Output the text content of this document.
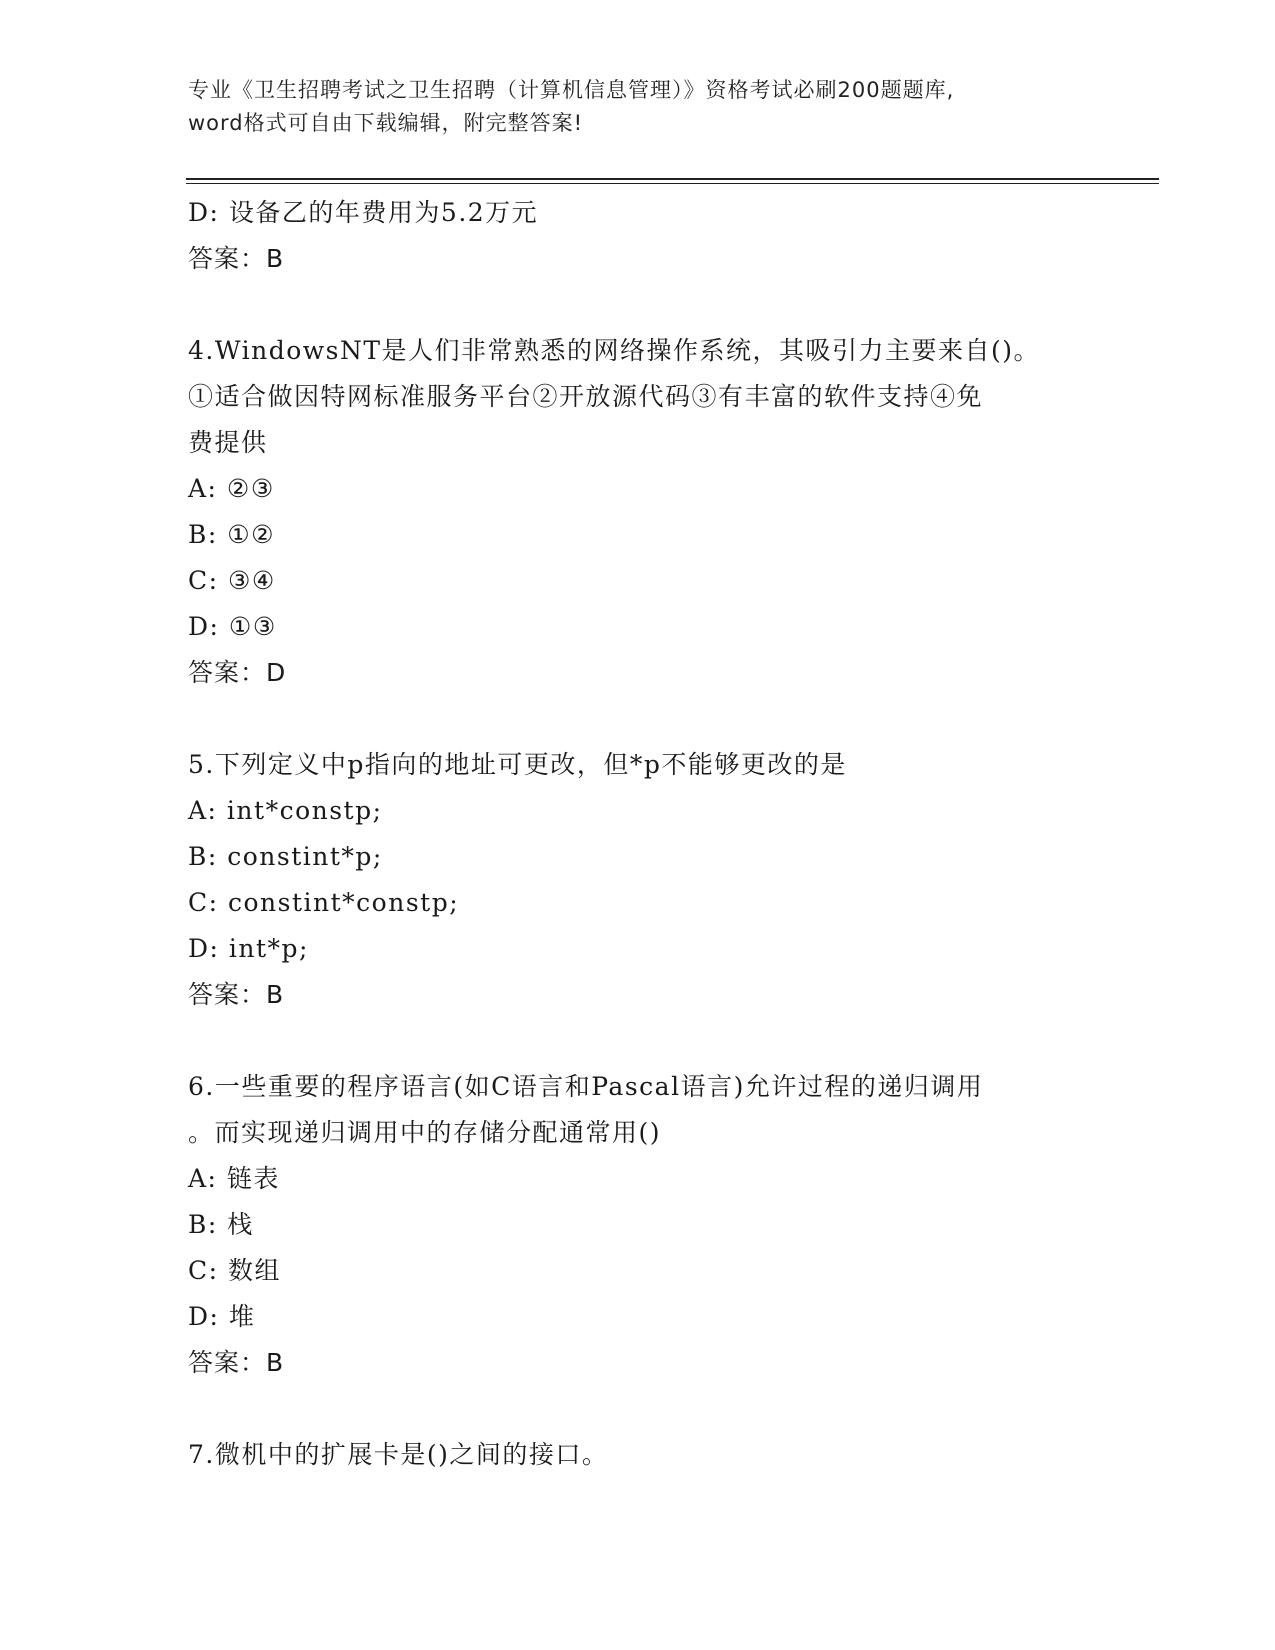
专业《卫生招聘考试之卫生招聘（计算机信息管理）》资格考试必刷200题题库,
word格式可自由下载编辑，附完整答案!
D: 设备乙的年费用为5.2万元
答案：B
4.WindowsNT是人们非常熟悉的网络操作系统，其吸引力主要来自()。
①适合做因特网标准服务平台②开放源代码③有丰富的软件支持④免
费提供
A: ②③
B: ①②
C: ③④
D: ①③
答案：D
5.下列定义中p指向的地址可更改，但*p不能够更改的是
A: int*constp;
B: constint*p;
C: constint*constp;
D: int*p;
答案：B
6.一些重要的程序语言(如C语言和Pascal语言)允许过程的递归调用
。而实现递归调用中的存储分配通常用()
A: 链表
B: 栈
C: 数组
D: 堆
答案：B
7.微机中的扩展卡是()之间的接口。
